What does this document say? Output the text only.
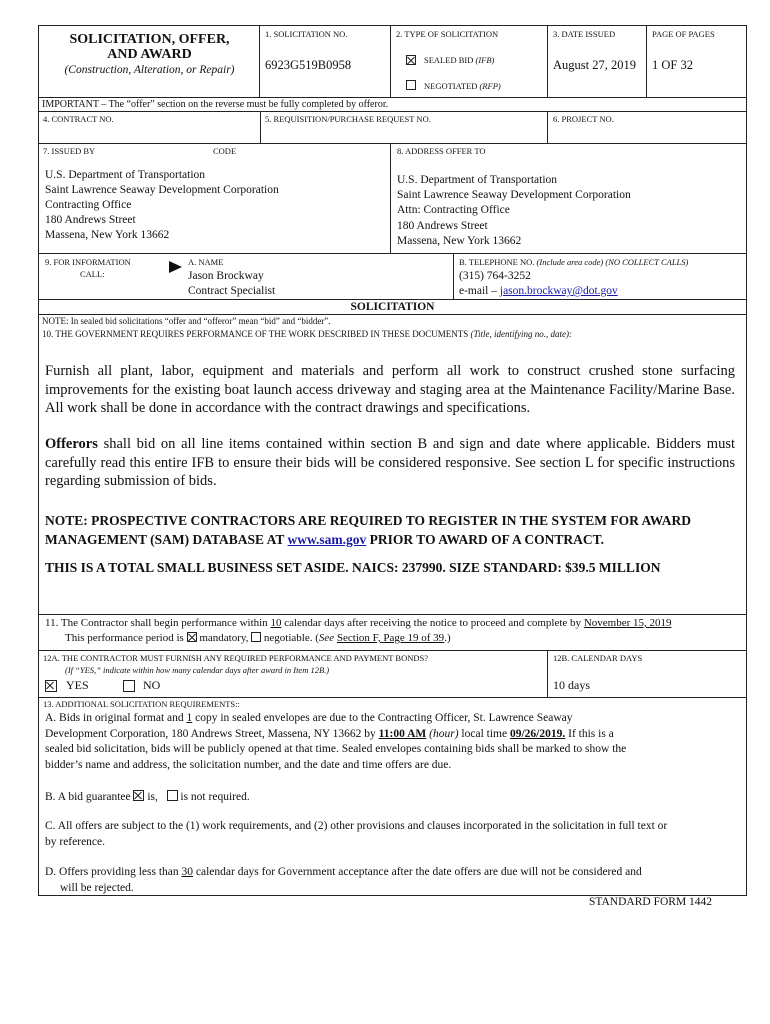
SOLICITATION, OFFER,
AND AWARD
(Construction, Alteration, or Repair)
1. SOLICITATION NO.
6923G519B0958
2. TYPE OF SOLICITATION
SEALED BID (IFB)
NEGOTIATED (RFP)
3. DATE ISSUED
August 27, 2019
PAGE OF PAGES
1 OF 32
IMPORTANT – The “offer” section on the reverse must be fully completed by offeror.
4. CONTRACT NO.	5. REQUISITION/PURCHASE REQUEST NO.	6. PROJECT NO.
7. ISSUED BY	CODE
U.S. Department of Transportation
Saint Lawrence Seaway Development Corporation
Contracting Office
180 Andrews Street
Massena, New York 13662
8. ADDRESS OFFER TO
U.S. Department of Transportation
Saint Lawrence Seaway Development Corporation
Attn: Contracting Office
180 Andrews Street
Massena, New York 13662
9. FOR INFORMATION
CALL:
A. NAME
Jason Brockway
Contract Specialist
B. TELEPHONE NO. (Include area code) (NO COLLECT CALLS)
(315) 764-3252
e-mail – jason.brockway@dot.gov
SOLICITATION
NOTE: In sealed bid solicitations “offer and “offeror” mean “bid” and “bidder”.
10. THE GOVERNMENT REQUIRES PERFORMANCE OF THE WORK DESCRIBED IN THESE DOCUMENTS (Title, identifying no., date):
Furnish all plant, labor, equipment and materials and perform all work to construct crushed stone surfacing improvements for the existing boat launch access driveway and staging area at the Maintenance Facility/Marine Base. All work shall be done in accordance with the contract drawings and specifications.
Offerors shall bid on all line items contained within section B and sign and date where applicable. Bidders must carefully read this entire IFB to ensure their bids will be considered responsive. See section L for specific instructions regarding submission of bids.
NOTE: PROSPECTIVE CONTRACTORS ARE REQUIRED TO REGISTER IN THE SYSTEM FOR AWARD MANAGEMENT (SAM) DATABASE AT www.sam.gov PRIOR TO AWARD OF A CONTRACT.
THIS IS A TOTAL SMALL BUSINESS SET ASIDE. NAICS: 237990. SIZE STANDARD: $39.5 MILLION
11. The Contractor shall begin performance within 10 calendar days after receiving the notice to proceed and complete by November 15, 2019
This performance period is  mandatory,  negotiable. (See Section F, Page 19 of 39.)
12A. THE CONTRACTOR MUST FURNISH ANY REQUIRED PERFORMANCE AND PAYMENT BONDS?
(If “YES,” indicate within how many calendar days after award in Item 12B.)
YES	NO
12B. CALENDAR DAYS
10 days
13. ADDITIONAL SOLICITATION REQUIREMENTS::
A. Bids in original format and 1 copy in sealed envelopes are due to the Contracting Officer, St. Lawrence Seaway
Development Corporation, 180 Andrews Street, Massena, NY 13662 by 11:00 AM (hour) local time 09/26/2019. If this is a
sealed bid solicitation, bids will be publicly opened at that time. Sealed envelopes containing bids shall be marked to show the
bidder’s name and address, the solicitation number, and the date and time offers are due.
B. A bid guarantee  is,    is not required.
C. All offers are subject to the (1) work requirements, and (2) other provisions and clauses incorporated in the solicitation in full text or
by reference.
D. Offers providing less than 30 calendar days for Government acceptance after the date offers are due will not be considered and
will be rejected.
STANDARD FORM 1442
